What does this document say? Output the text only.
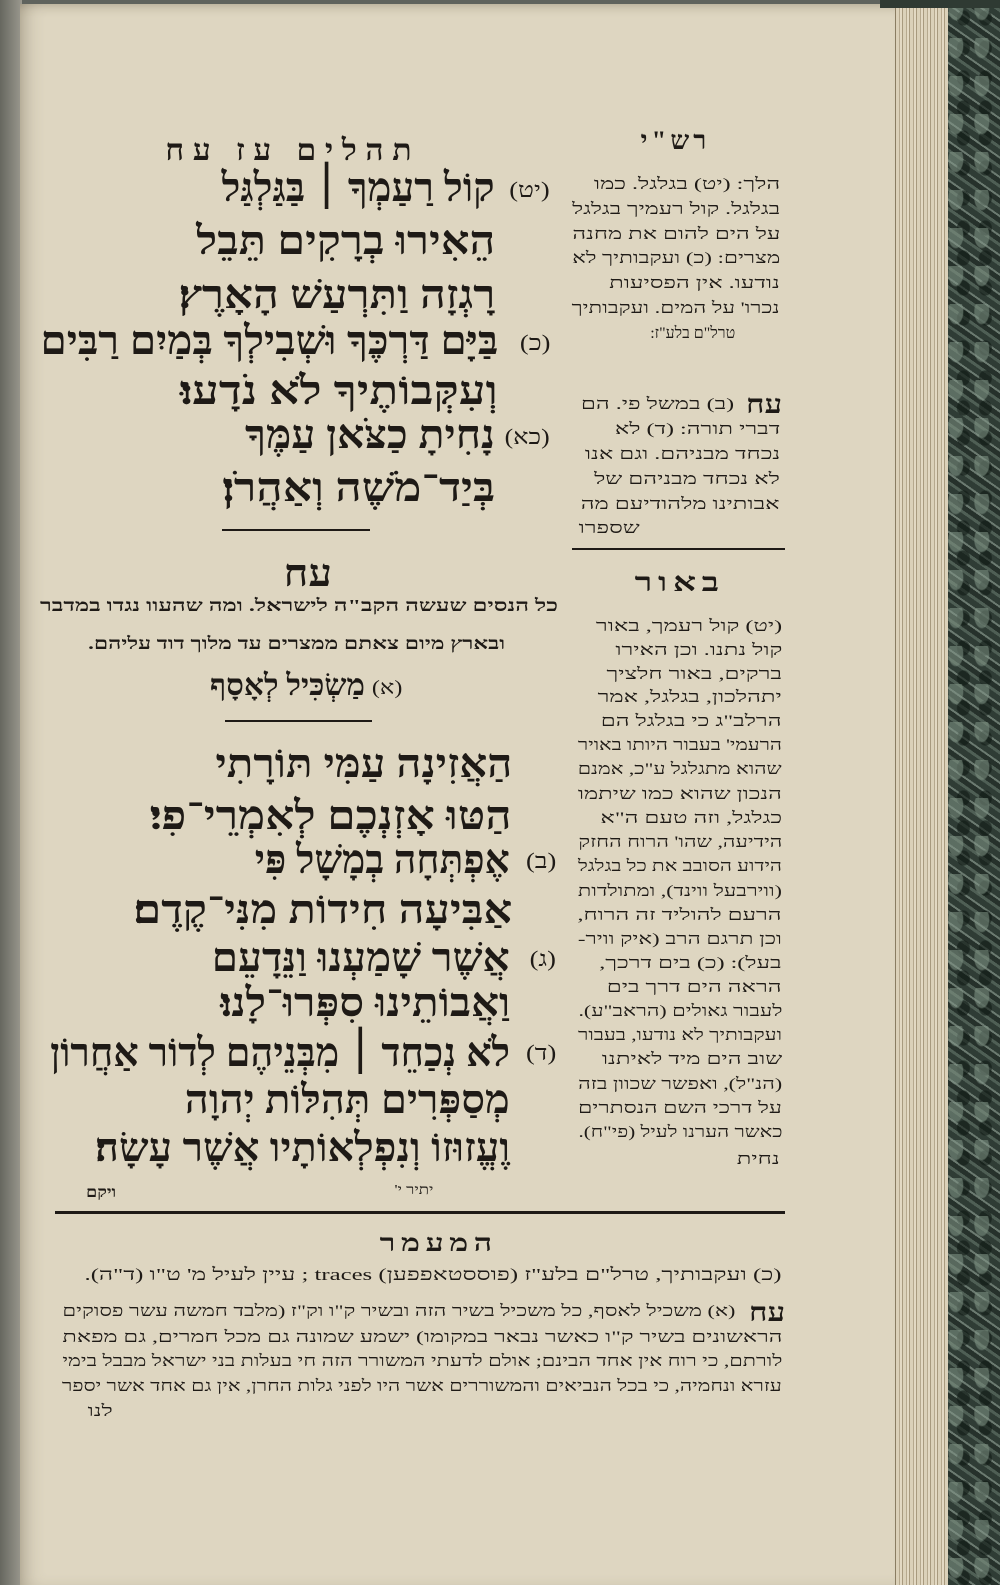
תהלים עז עח	רש"י
(יט)
קוֹל רַעַמְךָ ׀ בַּגַּלְגַּל
הֵאִירוּ בְרָקִים תֵּבֵל
רָגְזָה וַתִּרְעַשׁ הָאָרֶץ׃
(כ)
בַּיָּם דַּרְכֶּךָ וּשְׁבִילְךָ בְּמַיִם רַבִּים
וְעִקְּבוֹתֶיךָ לֹא נֹדָעוּ׃
(כא)
נָחִיתָ כַצֹּאן עַמֶּךָ
בְּיַד־מֹשֶׁה וְאַהֲרֹן׃
עח
כל הנסים שעשה הקב"ה לישראל. ומה שהעוו נגדו במדבר
ובארץ מיום צאתם ממצרים עד מלוך דוד עליהם.
(א)
מַשְׂכִּיל לְאָסָף
הַאֲזִינָה עַמִּי תּוֹרָתִי
הַטּוּ אָזְנְכֶם לְאִמְרֵי־פִי׃
(ב)
אֶפְתְּחָה בְמָשָׁל פִּי
אַבִּיעָה חִידוֹת מִנִּי־קֶדֶם׃
(ג)
אֲשֶׁר שָׁמַעְנוּ וַנֵּדָעֵם
וַאֲבוֹתֵינוּ סִפְּרוּ־לָנוּ׃
(ד)
לֹא נְכַחֵד ׀ מִבְּנֵיהֶם לְדוֹר אַחֲרוֹן
מְסַפְּרִים תְּהִלּוֹת יְהוָה
וֶעֱזוּזוֹ וְנִפְלְאוֹתָיו אֲשֶׁר עָשָׂה׃
יתיר י'
ויקם
הלך: (יט) בגלגל. כמו
בגלגל. קול רעמיך בגלגל
על הים להום את מחנה
מצרים: (כ) ועקבותיך לא
נודעו. אין הפסיעות
נכרו' על המים. ועקבותיך
טרל"ם בלע"ז:
עח
(ב) במשל פי. הם
דברי תורה: (ד) לא
נכחד מבניהם. וגם אנו
לא נכחד מבניהם של
אבותינו מלהודיעם מה
שספרו
באור
(יט) קול רעמך, באור
קול נתנו. וכן האירו
ברקים, באור חלציך
יתהלכון, בגלגל, אמר
הרלב"ג כי בגלגל הם
הרעמי' בעבור היותו באויר
שהוא מתגלגל ע"כ, אמנם
הנכון שהוא כמו שיתמו
כגלגל, וזה טעם ה"א
הידיעה, שהו' הרוח החזק
הידוע הסובב את כל בגלגל
(ווירבעל ווינד), ומתולדות
הרעם להוליד זה הרוח,
וכן תרגם הרב (איק וויר-
בעל): (כ) בים דרכך,
הראה הים דרך בים
לעבור גאולים (הראב"ע).
ועקבותיך לא נודעו, בעבור
שוב הים מיד לאיתנו
(הנ"ל), ואפשר שכוון בזה
על דרכי השם הנסתרים
כאשר הערנו לעיל (פי"ח).
נחית
המעמר
(כ) ועקבותיך, טרל"ם בלע"ז (פוססטאפפען) traces ; עיין לעיל מ' ט"ו (ד"ה).
עח
(א) משכיל לאסף, כל משכיל בשיר הזה ובשיר ק"ו וק"ז (מלבד חמשה עשר פסוקים
הראשונים בשיר ק"ו כאשר נבאר במקומו) ישמע שמונה גם מכל חמרים, גם מפאת
לורתם, כי רוח אין אחד הבינם; אולם לדעתי המשורר הזה חי בעלות בני ישראל מבבל בימי
עזרא ונחמיה, כי בכל הנביאים והמשוררים אשר היו לפני גלות החרן, אין גם אחד אשר יספר
לנו
